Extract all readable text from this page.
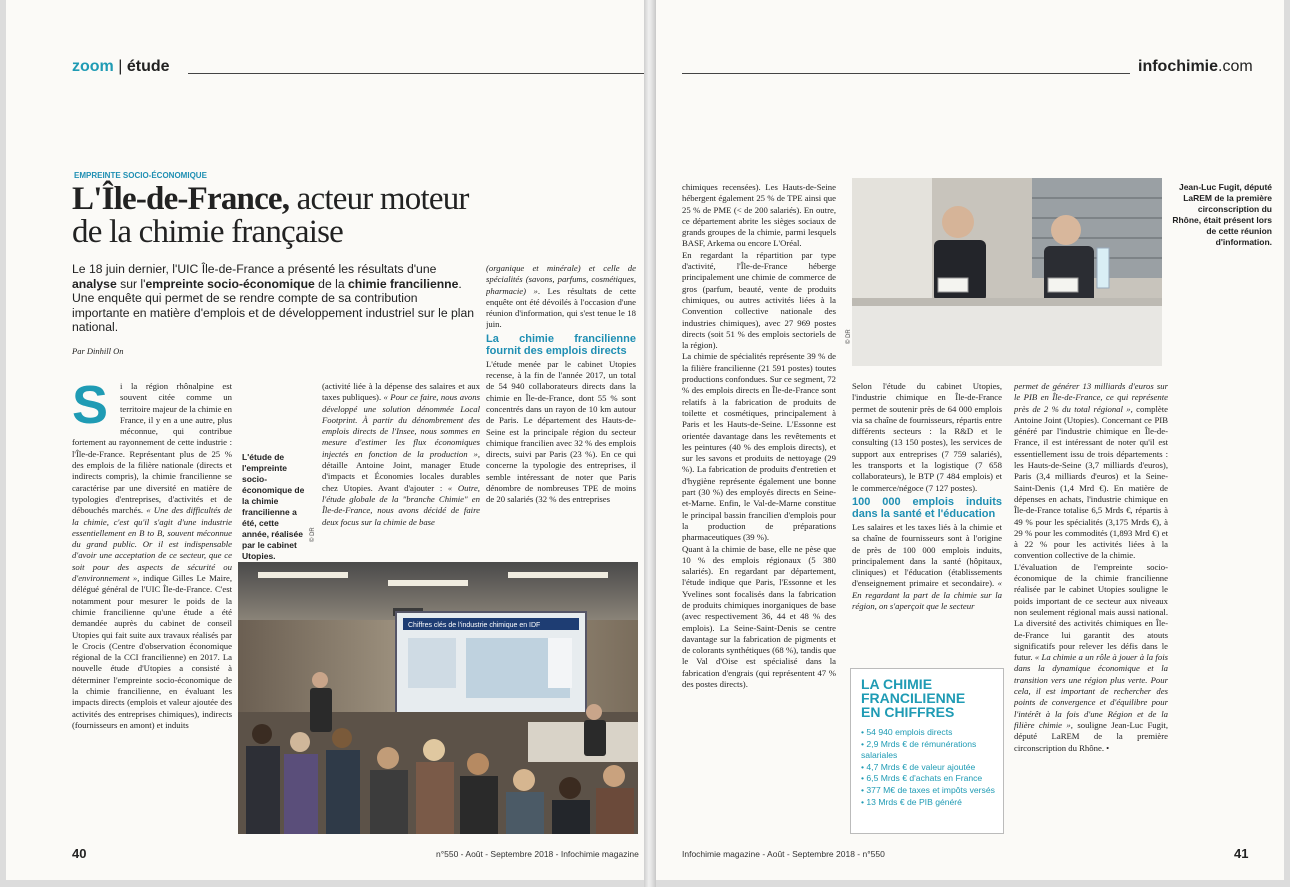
zoom | étude
EMPREINTE SOCIO-ÉCONOMIQUE
L'Île-de-France, acteur moteur
de la chimie française
Le 18 juin dernier, l'UIC Île-de-France a présenté les résultats d'une analyse sur l'empreinte socio-économique de la chimie francilienne. Une enquête qui permet de se rendre compte de sa contribution importante en matière d'emplois et de développement industriel sur le plan national.
Par Dinhill On
S	i la région rhônalpine est souvent citée comme un territoire majeur de la chimie en France, il y en a une autre, plus méconnue, qui contribue fortement au rayonnement de cette industrie : l'Île-de-France. Représentant plus de 25 % des emplois de la filière nationale (directs et indirects compris), la chimie francilienne se caractérise par une diversité en matière de typologies d'entreprises, d'activités et de débouchés marchés. « Une des difficultés de la chimie, c'est qu'il s'agit d'une industrie essentiellement en B to B, souvent méconnue du grand public. Or il est indispensable d'avoir une acceptation de ce secteur, que ce soit pour des aspects de sécurité ou d'environnement », indique Gilles Le Maire, délégué général de l'UIC Île-de-France. C'est notamment pour mesurer le poids de la chimie francilienne qu'une étude a été demandée auprès du cabinet de conseil Utopies qui fait suite aux travaux réalisés par le Crocis (Centre d'observation économique régional de la CCI francilienne) en 2017. La nouvelle étude d'Utopies a consisté à déterminer l'empreinte socio-économique de la chimie francilienne, en évaluant les impacts directs (emplois et valeur ajoutée des activités des entreprises chimiques), indirects (fournisseurs en amont) et induits

L'étude de l'empreinte socio-économique de la chimie francilienne a été, cette année, réalisée par le cabinet Utopies.
© DR

(activité liée à la dépense des salaires et aux taxes publiques). « Pour ce faire, nous avons développé une solution dénommée Local Footprint. À partir du dénombrement des emplois directs de l'Insee, nous sommes en mesure d'estimer les flux économiques injectés en fonction de la production », détaille Antoine Joint, manager Etude d'impacts et Économies locales durables chez Utopies. Avant d'ajouter : « Outre, l'étude globale de la "branche Chimie" en Île-de-France, nous avons décidé de faire deux focus sur la chimie de base

(organique et minérale) et celle de spécialités (savons, parfums, cosmétiques, pharmacie) ». Les résultats de cette enquête ont été dévoilés à l'occasion d'une réunion d'information, qui s'est tenue le 18 juin.

La chimie francilienne fournit des emplois directs

L'étude menée par le cabinet Utopies recense, à la fin de l'année 2017, un total de 54 940 collaborateurs directs dans la chimie en Île-de-France, dont 55 % sont concentrés dans un rayon de 10 km autour de Paris. Le département des Hauts-de-Seine est la principale région du secteur chimique francilien avec 32 % des emplois directs, suivi par Paris (23 %). En ce qui concerne la typologie des entreprises, il semble intéressant de noter que Paris dénombre de nombreuses TPE de moins de 20 salariés (32 % des entreprises

Chiffres clés de l'industrie chimique en IDF
40	n°550 - Août - Septembre 2018 - Infochimie magazine
infochimie.com

chimiques recensées). Les Hauts-de-Seine hébergent également 25 % de TPE ainsi que 25 % de PME (< de 200 salariés). En outre, ce département abrite les sièges sociaux de grands groupes de la chimie, parmi lesquels BASF, Arkema ou encore L'Oréal.

En regardant la répartition par type d'activité, l'Île-de-France héberge principalement une chimie de commerce de gros (parfum, beauté, vente de produits chimiques, ou autres activités liées à la Convention collective nationale des industries chimiques), avec 27 969 postes directs (soit 51 % des emplois sectoriels de la région).

La chimie de spécialités représente 39 % de la filière francilienne (21 591 postes) toutes productions confondues. Sur ce segment, 72 % des emplois directs en Île-de-France sont relatifs à la fabrication de produits de toilette et cosmétiques, principalement à Paris et les Hauts-de-Seine. L'Essonne est orientée davantage dans les revêtements et les peintures (40 % des emplois directs), et sur les savons et produits de nettoyage (29 %). La fabrication de produits d'entretien et d'hygiène représente également une bonne part (30 %) des employés directs en Seine-et-Marne. Enfin, le Val-de-Marne constitue le principal bassin francilien d'emplois pour la production de préparations pharmaceutiques (39 %).

Quant à la chimie de base, elle ne pèse que 10 % des emplois régionaux (5 380 salariés). En regardant par département, l'étude indique que Paris, l'Essonne et les Yvelines sont focalisés dans la fabrication de produits chimiques inorganiques de base (avec respectivement 36, 44 et 48 % des emplois). La Seine-Saint-Denis se centre davantage sur la fabrication de pigments et de colorants synthétiques (68 %), tandis que le Val d'Oise est spécialisé dans la fabrication d'engrais (qui représentent 47 % des postes directs).

© DR
Jean-Luc Fugit, député LaREM de la première circonscription du Rhône, était présent lors de cette réunion d'information.

Selon l'étude du cabinet Utopies, l'industrie chimique en Île-de-France permet de soutenir près de 64 000 emplois via sa chaîne de fournisseurs, répartis entre différents secteurs : la R&D et le consulting (13 150 postes), les services de support aux entreprises (7 759 salariés), les transports et la logistique (7 658 collaborateurs), le BTP (7 484 emplois) et le commerce/négoce (7 127 postes).

100 000 emplois induits dans la santé et l'éducation

Les salaires et les taxes liés à la chimie et sa chaîne de fournisseurs sont à l'origine de près de 100 000 emplois induits, principalement dans la santé (hôpitaux, cliniques) et l'éducation (établissements d'enseignement primaire et secondaire). « En regardant la part de la chimie sur la région, on s'aperçoit que le secteur

LA CHIMIE
FRANCILIENNE
EN CHIFFRES
• 54 940 emplois directs
• 2,9 Mrds € de rémunérations salariales
• 4,7 Mrds € de valeur ajoutée
• 6,5 Mrds € d'achats en France
• 377 M€ de taxes et impôts versés
• 13 Mrds € de PIB généré

permet de générer 13 milliards d'euros sur le PIB en Île-de-France, ce qui représente près de 2 % du total régional », complète Antoine Joint (Utopies). Concernant ce PIB généré par l'industrie chimique en Île-de-France, il est intéressant de noter qu'il est essentiellement issu de trois départements : les Hauts-de-Seine (3,7 milliards d'euros), Paris (3,4 milliards d'euros) et la Seine-Saint-Denis (1,4 Mrd €). En matière de dépenses en achats, l'industrie chimique en Île-de-France totalise 6,5 Mrds €, répartis à 49 % pour les spécialités (3,175 Mrds €), à 29 % pour les commodités (1,893 Mrd €) et à 22 % pour les activités liées à la convention collective de la chimie.

L'évaluation de l'empreinte socio-économique de la chimie francilienne réalisée par le cabinet Utopies souligne le poids important de ce secteur aux niveaux non seulement régional mais aussi national. La diversité des activités chimiques en Île-de-France lui garantit des atouts significatifs pour relever les défis dans le futur. « La chimie a un rôle à jouer à la fois dans la dynamique économique et la transition vers une région plus verte. Pour cela, il est important de rechercher des points de convergence et d'équilibre pour l'intérêt à la fois d'une Région et de la filière chimie », souligne Jean-Luc Fugit, député LaREM de la première circonscription du Rhône. •

Infochimie magazine - Août - Septembre 2018 - n°550	41
